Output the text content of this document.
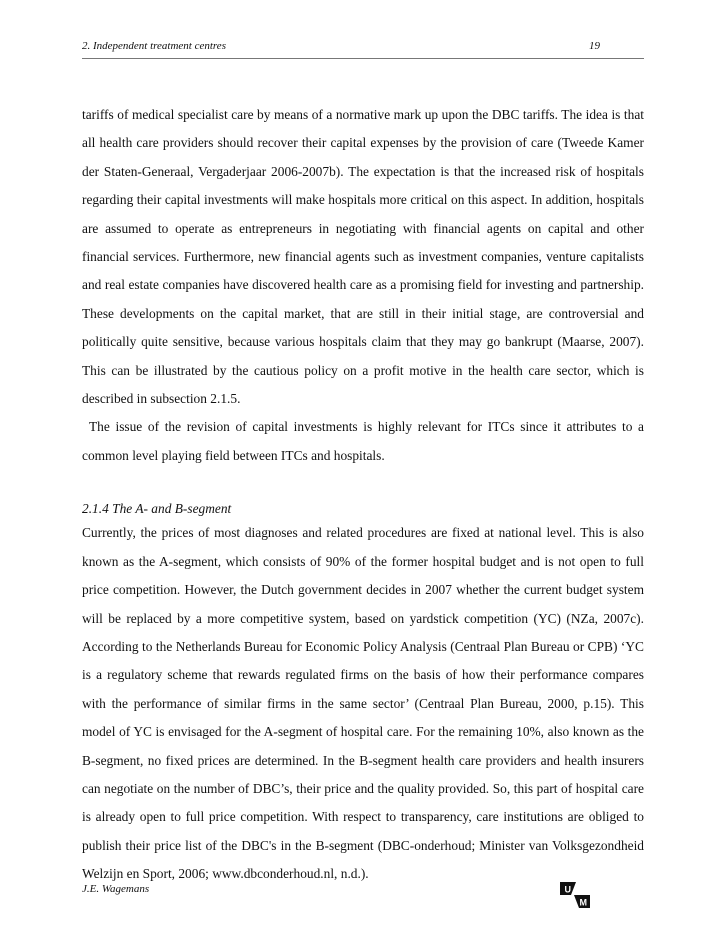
2. Independent treatment centres	19

tariffs of medical specialist care by means of a normative mark up upon the DBC tariffs. The idea is that all health care providers should recover their capital expenses by the provision of care (Tweede Kamer der Staten-Generaal, Vergaderjaar 2006-2007b). The expectation is that the increased risk of hospitals regarding their capital investments will make hospitals more critical on this aspect. In addition, hospitals are assumed to operate as entrepreneurs in negotiating with financial agents on capital and other financial services. Furthermore, new financial agents such as investment companies, venture capitalists and real estate companies have discovered health care as a promising field for investing and partnership. These developments on the capital market, that are still in their initial stage, are controversial and politically quite sensitive, because various hospitals claim that they may go bankrupt (Maarse, 2007). This can be illustrated by the cautious policy on a profit motive in the health care sector, which is described in subsection 2.1.5.

The issue of the revision of capital investments is highly relevant for ITCs since it attributes to a common level playing field between ITCs and hospitals.

2.1.4 The A- and B-segment

Currently, the prices of most diagnoses and related procedures are fixed at national level. This is also known as the A-segment, which consists of 90% of the former hospital budget and is not open to full price competition. However, the Dutch government decides in 2007 whether the current budget system will be replaced by a more competitive system, based on yardstick competition (YC) (NZa, 2007c). According to the Netherlands Bureau for Economic Policy Analysis (Centraal Plan Bureau or CPB) ‘YC is a regulatory scheme that rewards regulated firms on the basis of how their performance compares with the performance of similar firms in the same sector’ (Centraal Plan Bureau, 2000, p.15). This model of YC is envisaged for the A-segment of hospital care. For the remaining 10%, also known as the B-segment, no fixed prices are determined. In the B-segment health care providers and health insurers can negotiate on the number of DBC’s, their price and the quality provided. So, this part of hospital care is already open to full price competition. With respect to transparency, care institutions are obliged to publish their price list of the DBC's in the B-segment (DBC-onderhoud; Minister van Volksgezondheid Welzijn en Sport, 2006; www.dbconderhoud.nl, n.d.).

J.E. Wagemans	U
M
